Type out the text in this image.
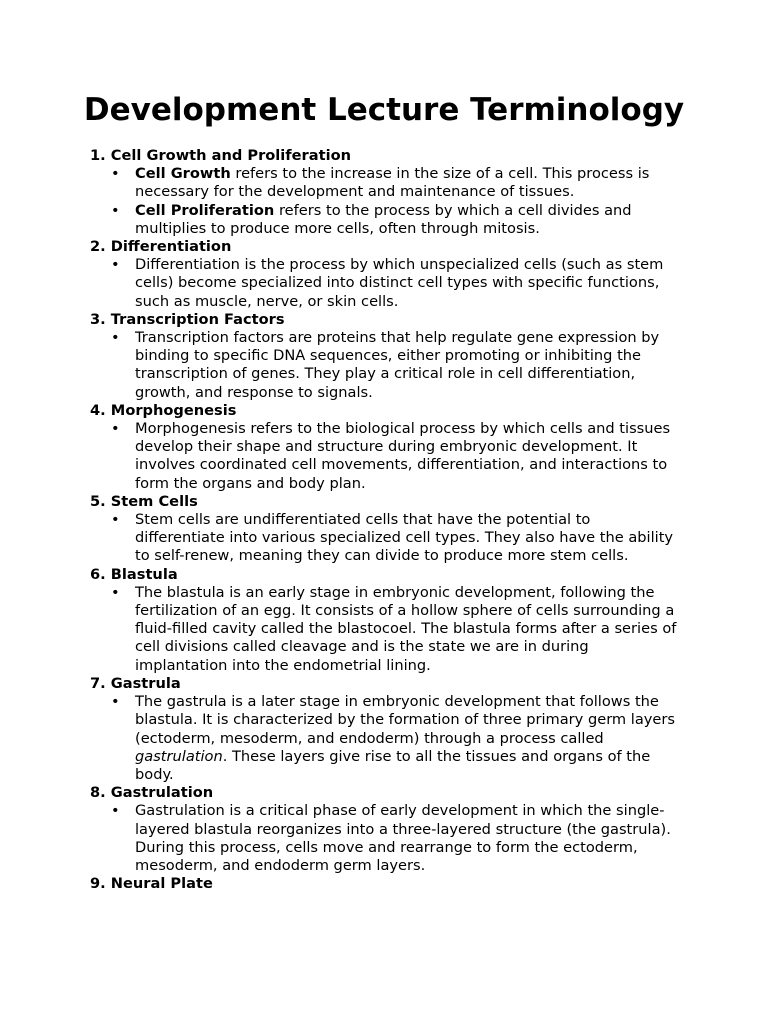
Development Lecture Terminology
1. Cell Growth and Proliferation
• Cell Growth refers to the increase in the size of a cell. This process is necessary for the development and maintenance of tissues.
• Cell Proliferation refers to the process by which a cell divides and multiplies to produce more cells, often through mitosis.
2. Differentiation
• Differentiation is the process by which unspecialized cells (such as stem cells) become specialized into distinct cell types with specific functions, such as muscle, nerve, or skin cells.
3. Transcription Factors
• Transcription factors are proteins that help regulate gene expression by binding to specific DNA sequences, either promoting or inhibiting the transcription of genes. They play a critical role in cell differentiation, growth, and response to signals.
4. Morphogenesis
• Morphogenesis refers to the biological process by which cells and tissues develop their shape and structure during embryonic development. It involves coordinated cell movements, differentiation, and interactions to form the organs and body plan.
5. Stem Cells
• Stem cells are undifferentiated cells that have the potential to differentiate into various specialized cell types. They also have the ability to self-renew, meaning they can divide to produce more stem cells.
6. Blastula
• The blastula is an early stage in embryonic development, following the fertilization of an egg. It consists of a hollow sphere of cells surrounding a fluid-filled cavity called the blastocoel. The blastula forms after a series of cell divisions called cleavage and is the state we are in during implantation into the endometrial lining.
7. Gastrula
• The gastrula is a later stage in embryonic development that follows the blastula. It is characterized by the formation of three primary germ layers (ectoderm, mesoderm, and endoderm) through a process called gastrulation. These layers give rise to all the tissues and organs of the body.
8. Gastrulation
• Gastrulation is a critical phase of early development in which the single-layered blastula reorganizes into a three-layered structure (the gastrula). During this process, cells move and rearrange to form the ectoderm, mesoderm, and endoderm germ layers.
9. Neural Plate
